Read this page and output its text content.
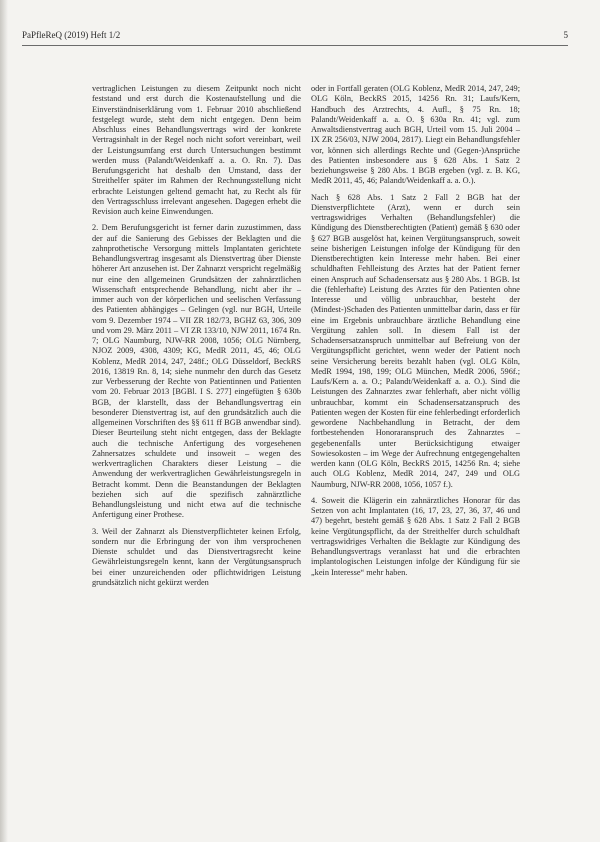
PaPfleReQ (2019) Heft 1/2	5

vertraglichen Leistungen zu diesem Zeitpunkt noch nicht feststand und erst durch die Kostenaufstellung und die Einverständniserklärung vom 1. Februar 2010 abschließend festgelegt wurde, steht dem nicht entgegen. Denn beim Abschluss eines Behandlungsvertrags wird der konkrete Vertragsinhalt in der Regel noch nicht sofort vereinbart, weil der Leistungsumfang erst durch Untersuchungen bestimmt werden muss (Palandt/Weidenkaff a. a. O. Rn. 7). Das Berufungsgericht hat deshalb den Umstand, dass der Streithelfer später im Rahmen der Rechnungsstellung nicht erbrachte Leistungen geltend gemacht hat, zu Recht als für den Vertragsschluss irrelevant angesehen. Dagegen erhebt die Revision auch keine Einwendungen.

2. Dem Berufungsgericht ist ferner darin zuzustimmen, dass der auf die Sanierung des Gebisses der Beklagten und die zahnprothetische Versorgung mittels Implantaten gerichtete Behandlungsvertrag insgesamt als Dienstvertrag über Dienste höherer Art anzusehen ist. Der Zahnarzt verspricht regelmäßig nur eine den allgemeinen Grundsätzen der zahnärztlichen Wissenschaft entsprechende Behandlung, nicht aber ihr – immer auch von der körperlichen und seelischen Verfassung des Patienten abhängiges – Gelingen (vgl. nur BGH, Urteile vom 9. Dezember 1974 – VII ZR 182/73, BGHZ 63, 306, 309 und vom 29. März 2011 – VI ZR 133/10, NJW 2011, 1674 Rn. 7; OLG Naumburg, NJW-RR 2008, 1056; OLG Nürnberg, NJOZ 2009, 4308, 4309; KG, MedR 2011, 45, 46; OLG Koblenz, MedR 2014, 247, 248f.; OLG Düsseldorf, BeckRS 2016, 13819 Rn. 8, 14; siehe nunmehr den durch das Gesetz zur Verbesserung der Rechte von Patientinnen und Patienten vom 20. Februar 2013 [BGBl. I S. 277] eingefügten § 630b BGB, der klarstellt, dass der Behandlungsvertrag ein besonderer Dienstvertrag ist, auf den grundsätzlich auch die allgemeinen Vorschriften des §§ 611 ff BGB anwendbar sind). Dieser Beurteilung steht nicht entgegen, dass der Beklagte auch die technische Anfertigung des vorgesehenen Zahnersatzes schuldete und insoweit – wegen des werkvertraglichen Charakters dieser Leistung – die Anwendung der werkvertraglichen Gewährleistungsregeln in Betracht kommt. Denn die Beanstandungen der Beklagten beziehen sich auf die spezifisch zahnärztliche Behandlungsleistung und nicht etwa auf die technische Anfertigung einer Prothese.

3. Weil der Zahnarzt als Dienstverpflichteter keinen Erfolg, sondern nur die Erbringung der von ihm versprochenen Dienste schuldet und das Dienstvertragsrecht keine Gewährleistungsregeln kennt, kann der Vergütungsanspruch bei einer unzureichenden oder pflichtwidrigen Leistung grundsätzlich nicht gekürzt werden

oder in Fortfall geraten (OLG Koblenz, MedR 2014, 247, 249; OLG Köln, BeckRS 2015, 14256 Rn. 31; Laufs/Kern, Handbuch des Arztrechts, 4. Aufl., § 75 Rn. 18; Palandt/Weidenkaff a. a. O. § 630a Rn. 41; vgl. zum Anwaltsdienstvertrag auch BGH, Urteil vom 15. Juli 2004 – IX ZR 256/03, NJW 2004, 2817). Liegt ein Behandlungsfehler vor, können sich allerdings Rechte und (Gegen-)Ansprüche des Patienten insbesondere aus § 628 Abs. 1 Satz 2 beziehungsweise § 280 Abs. 1 BGB ergeben (vgl. z. B. KG, MedR 2011, 45, 46; Palandt/Weidenkaff a. a. O.).

Nach § 628 Abs. 1 Satz 2 Fall 2 BGB hat der Dienstverpflichtete (Arzt), wenn er durch sein vertragswidriges Verhalten (Behandlungsfehler) die Kündigung des Dienstberechtigten (Patient) gemäß § 630 oder § 627 BGB ausgelöst hat, keinen Vergütungsanspruch, soweit seine bisherigen Leistungen infolge der Kündigung für den Dienstberechtigten kein Interesse mehr haben. Bei einer schuldhaften Fehlleistung des Arztes hat der Patient ferner einen Anspruch auf Schadensersatz aus § 280 Abs. 1 BGB. Ist die (fehlerhafte) Leistung des Arztes für den Patienten ohne Interesse und völlig unbrauchbar, besteht der (Mindest-)Schaden des Patienten unmittelbar darin, dass er für eine im Ergebnis unbrauchbare ärztliche Behandlung eine Vergütung zahlen soll. In diesem Fall ist der Schadensersatzanspruch unmittelbar auf Befreiung von der Vergütungspflicht gerichtet, wenn weder der Patient noch seine Versicherung bereits bezahlt haben (vgl. OLG Köln, MedR 1994, 198, 199; OLG München, MedR 2006, 596f.; Laufs/Kern a. a. O.; Palandt/Weidenkaff a. a. O.). Sind die Leistungen des Zahnarztes zwar fehlerhaft, aber nicht völlig unbrauchbar, kommt ein Schadensersatzanspruch des Patienten wegen der Kosten für eine fehlerbedingt erforderlich gewordene Nachbehandlung in Betracht, der dem fortbestehenden Honoraranspruch des Zahnarztes – gegebenenfalls unter Berücksichtigung etwaiger Sowiesokosten – im Wege der Aufrechnung entgegengehalten werden kann (OLG Köln, BeckRS 2015, 14256 Rn. 4; siehe auch OLG Koblenz, MedR 2014, 247, 249 und OLG Naumburg, NJW-RR 2008, 1056, 1057 f.).

4. Soweit die Klägerin ein zahnärztliches Honorar für das Setzen von acht Implantaten (16, 17, 23, 27, 36, 37, 46 und 47) begehrt, besteht gemäß § 628 Abs. 1 Satz 2 Fall 2 BGB keine Vergütungspflicht, da der Streithelfer durch schuldhaft vertragswidriges Verhalten die Beklagte zur Kündigung des Behandlungsvertrags veranlasst hat und die erbrachten implantologischen Leistungen infolge der Kündigung für sie „kein Interesse“ mehr haben.
